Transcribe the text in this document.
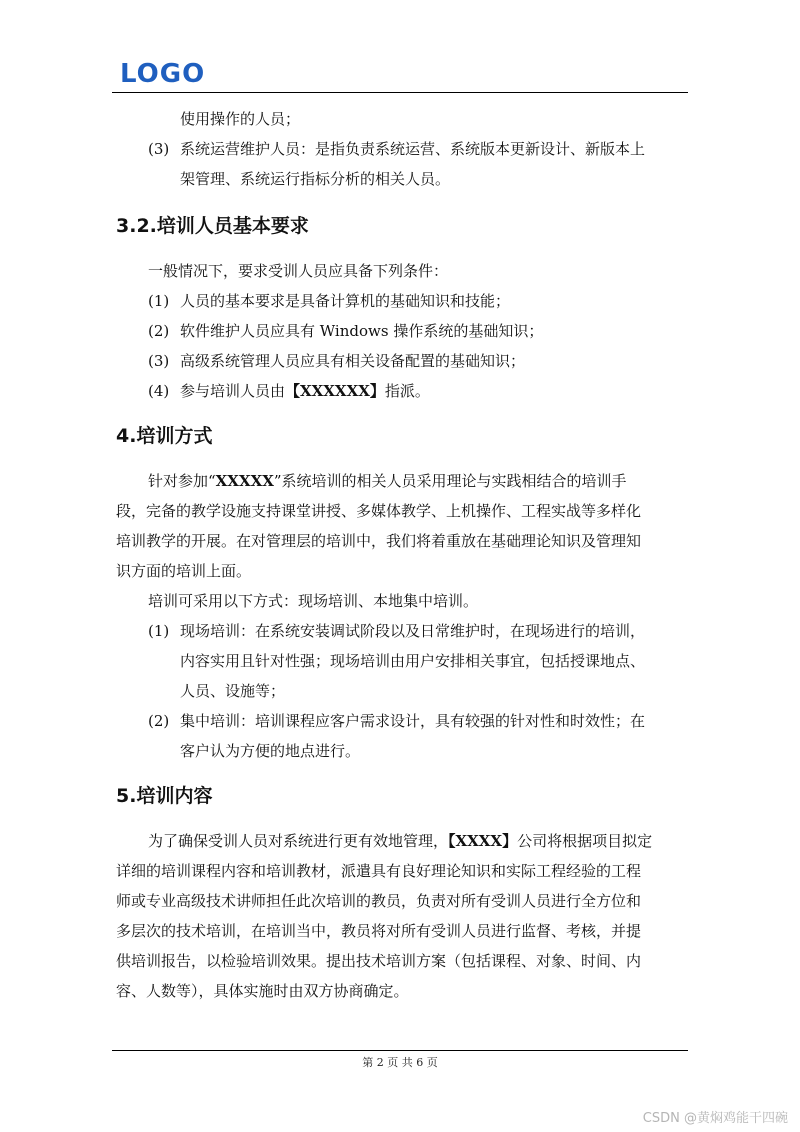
LOGO

使用操作的人员；

(3) 系统运营维护人员：是指负责系统运营、系统版本更新设计、新版本上

架管理、系统运行指标分析的相关人员。

3.2.培训人员基本要求

一般情况下，要求受训人员应具备下列条件：

(1) 人员的基本要求是具备计算机的基础知识和技能；
(2) 软件维护人员应具有 Windows 操作系统的基础知识；
(3) 高级系统管理人员应具有相关设备配置的基础知识；
(4) 参与培训人员由【XXXXXX】指派。
4.培训方式
针对参加“XXXXX”系统培训的相关人员采用理论与实践相结合的培训手

段，完备的教学设施支持课堂讲授、多媒体教学、上机操作、工程实战等多样化

培训教学的开展。在对管理层的培训中，我们将着重放在基础理论知识及管理知

识方面的培训上面。

培训可采用以下方式：现场培训、本地集中培训。

(1) 现场培训：在系统安装调试阶段以及日常维护时，在现场进行的培训，

内容实用且针对性强；现场培训由用户安排相关事宜，包括授课地点、

人员、设施等；

(2) 集中培训：培训课程应客户需求设计，具有较强的针对性和时效性；在

客户认为方便的地点进行。

5.培训内容
为了确保受训人员对系统进行更有效地管理，【XXXX】公司将根据项目拟定

详细的培训课程内容和培训教材，派遣具有良好理论知识和实际工程经验的工程

师或专业高级技术讲师担任此次培训的教员，负责对所有受训人员进行全方位和

多层次的技术培训，在培训当中，教员将对所有受训人员进行监督、考核，并提

供培训报告，以检验培训效果。提出技术培训方案（包括课程、对象、时间、内

容、人数等），具体实施时由双方协商确定。

第 2 页 共 6 页
CSDN @黄焖鸡能干四碗
